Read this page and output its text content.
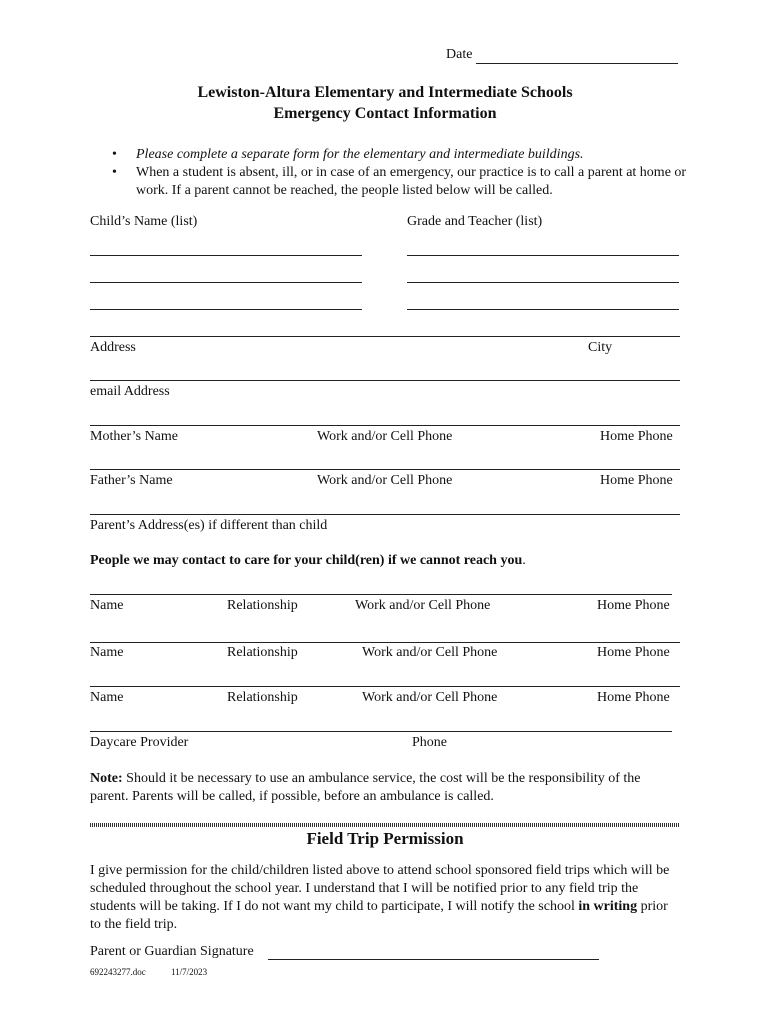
Date
Lewiston-Altura Elementary and Intermediate Schools
Emergency Contact Information
• Please complete a separate form for the elementary and intermediate buildings.
• When a student is absent, ill, or in case of an emergency, our practice is to call a parent at home or work. If a parent cannot be reached, the people listed below will be called.
Child’s Name (list)	Grade and Teacher (list)
Address	City
email Address
Mother’s Name	Work and/or Cell Phone	Home Phone
Father’s Name	Work and/or Cell Phone	Home Phone
Parent’s Address(es) if different than child
People we may contact to care for your child(ren) if we cannot reach you.
Name	Relationship	Work and/or Cell Phone	Home Phone
Name	Relationship	Work and/or Cell Phone	Home Phone
Name	Relationship	Work and/or Cell Phone	Home Phone
Daycare Provider	Phone
Note: Should it be necessary to use an ambulance service, the cost will be the responsibility of the parent. Parents will be called, if possible, before an ambulance is called.
Field Trip Permission
I give permission for the child/children listed above to attend school sponsored field trips which will be scheduled throughout the school year. I understand that I will be notified prior to any field trip the students will be taking. If I do not want my child to participate, I will notify the school in writing prior to the field trip.
Parent or Guardian Signature
692243277.doc	11/7/2023
